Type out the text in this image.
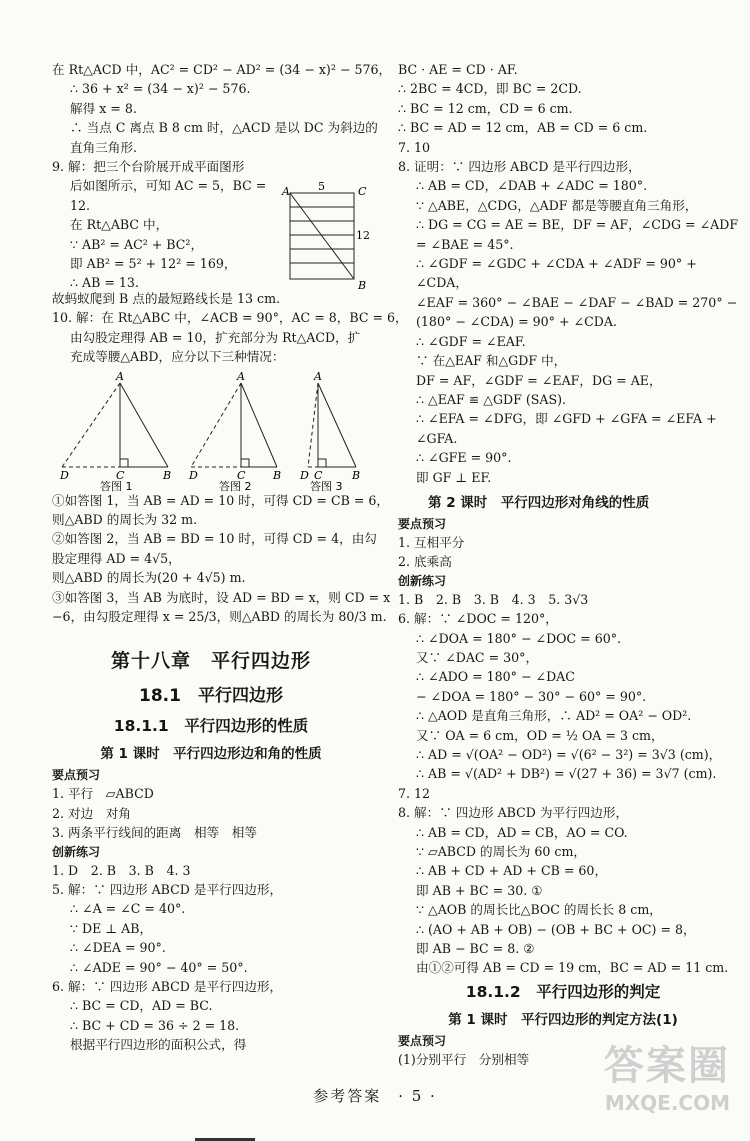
在 Rt△ACD 中，AC² = CD² − AD² = (34 − x)² − 576，
∴ 36 + x² = (34 − x)² − 576.
解得 x = 8.
∴ 当点 C 离点 B 8 cm 时，△ACD 是以 DC 为斜边的
直角三角形.
9. 解：把三个台阶展开成平面图形
后如图所示，可知 AC = 5，BC =
12.
在 Rt△ABC 中，
∵ AB² = AC² + BC²，
即 AB² = 5² + 12² = 169，
∴ AB = 13.
A	C
B
5
12
故蚂蚁爬到 B 点的最短路线长是 13 cm.
10. 解：在 Rt△ABC 中，∠ACB = 90°，AC = 8，BC = 6，
由勾股定理得 AB = 10，扩充部分为 Rt△ACD，扩
充成等腰△ABD，应分以下三种情况：
A
D	C	B
答图 1
A
D	C	B
答图 2
A
D C	B
答图 3
①如答图 1，当 AB = AD = 10 时，可得 CD = CB = 6，
则△ABD 的周长为 32 m.
②如答图 2，当 AB = BD = 10 时，可得 CD = 4，由勾
股定理得 AD = 4√5，
则△ABD 的周长为(20 + 4√5) m.
③如答图 3，当 AB 为底时，设 AD = BD = x，则 CD = x
−6，由勾股定理得 x = 25/3，则△ABD 的周长为 80/3 m.
第十八章　平行四边形
18.1　平行四边形
18.1.1　平行四边形的性质
第 1 课时　平行四边形边和角的性质
要点预习
1. 平行　▱ABCD
2. 对边　对角
3. 两条平行线间的距离　相等　相等
创新练习
1. D　2. B　3. B　4. 3
5. 解：∵ 四边形 ABCD 是平行四边形，
∴ ∠A = ∠C = 40°.
∵ DE ⊥ AB，
∴ ∠DEA = 90°.
∴ ∠ADE = 90° − 40° = 50°.
6. 解：∵ 四边形 ABCD 是平行四边形，
∴ BC = CD，AD = BC.
∴ BC + CD = 36 ÷ 2 = 18.
根据平行四边形的面积公式，得
BC · AE = CD · AF.
∴ 2BC = 4CD，即 BC = 2CD.
∴ BC = 12 cm，CD = 6 cm.
∴ BC = AD = 12 cm，AB = CD = 6 cm.
7. 10
8. 证明：∵ 四边形 ABCD 是平行四边形，
∴ AB = CD，∠DAB + ∠ADC = 180°.
∵ △ABE，△CDG，△ADF 都是等腰直角三角形，
∴ DG = CG = AE = BE，DF = AF，∠CDG = ∠ADF
= ∠BAE = 45°.
∴ ∠GDF = ∠GDC + ∠CDA + ∠ADF = 90° +
∠CDA，
∠EAF = 360° − ∠BAE − ∠DAF − ∠BAD = 270° −
(180° − ∠CDA) = 90° + ∠CDA.
∴ ∠GDF = ∠EAF.
∵ 在△EAF 和△GDF 中，
DF = AF，∠GDF = ∠EAF，DG = AE，
∴ △EAF ≌ △GDF (SAS).
∴ ∠EFA = ∠DFG，即 ∠GFD + ∠GFA = ∠EFA +
∠GFA.
∴ ∠GFE = 90°.
即 GF ⊥ EF.
第 2 课时　平行四边形对角线的性质
要点预习
1. 互相平分
2. 底乘高
创新练习
1. B　2. B　3. B　4. 3　5. 3√3
6. 解：∵ ∠DOC = 120°，
∴ ∠DOA = 180° − ∠DOC = 60°.
又∵ ∠DAC = 30°，
∴ ∠ADO = 180° − ∠DAC
− ∠DOA = 180° − 30° − 60° = 90°.
∴ △AOD 是直角三角形，∴ AD² = OA² − OD².
又∵ OA = 6 cm，OD = ½ OA = 3 cm，
∴ AD = √(OA² − OD²) = √(6² − 3²) = 3√3 (cm)，
∴ AB = √(AD² + DB²) = √(27 + 36) = 3√7 (cm).
7. 12
8. 解：∵ 四边形 ABCD 为平行四边形，
∴ AB = CD，AD = CB，AO = CO.
∵ ▱ABCD 的周长为 60 cm，
∴ AB + CD + AD + CB = 60，
即 AB + BC = 30. ①
∵ △AOB 的周长比△BOC 的周长长 8 cm，
∴ (AO + AB + OB) − (OB + BC + OC) = 8，
即 AB − BC = 8. ②
由①②可得 AB = CD = 19 cm，BC = AD = 11 cm.
18.1.2　平行四边形的判定
第 1 课时　平行四边形的判定方法(1)
要点预习
(1)分别平行　分别相等
参考答案　· 5 ·
答案圈
MXQE.COM
